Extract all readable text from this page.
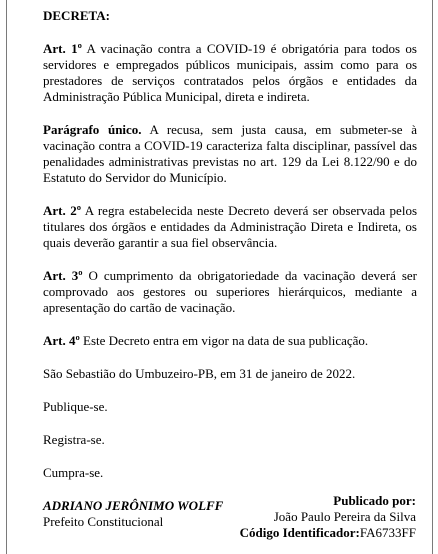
DECRETA:

Art. 1º A vacinação contra a COVID-19 é obrigatória para todos os servidores e empregados públicos municipais, assim como para os prestadores de serviços contratados pelos órgãos e entidades da Administração Pública Municipal, direta e indireta.

Parágrafo único. A recusa, sem justa causa, em submeter-se à vacinação contra a COVID-19 caracteriza falta disciplinar, passível das penalidades administrativas previstas no art. 129 da Lei 8.122/90 e do Estatuto do Servidor do Município.

Art. 2º A regra estabelecida neste Decreto deverá ser observada pelos titulares dos órgãos e entidades da Administração Direta e Indireta, os quais deverão garantir a sua fiel observância.

Art. 3º O cumprimento da obrigatoriedade da vacinação deverá ser comprovado aos gestores ou superiores hierárquicos, mediante a apresentação do cartão de vacinação.

Art. 4º Este Decreto entra em vigor na data de sua publicação.

São Sebastião do Umbuzeiro-PB, em 31 de janeiro de 2022.

Publique-se.

Registra-se.

Cumpra-se.

ADRIANO JERÔNIMO WOLFF

Prefeito Constitucional

Publicado por:
João Paulo Pereira da Silva
Código Identificador:FA6733FF
